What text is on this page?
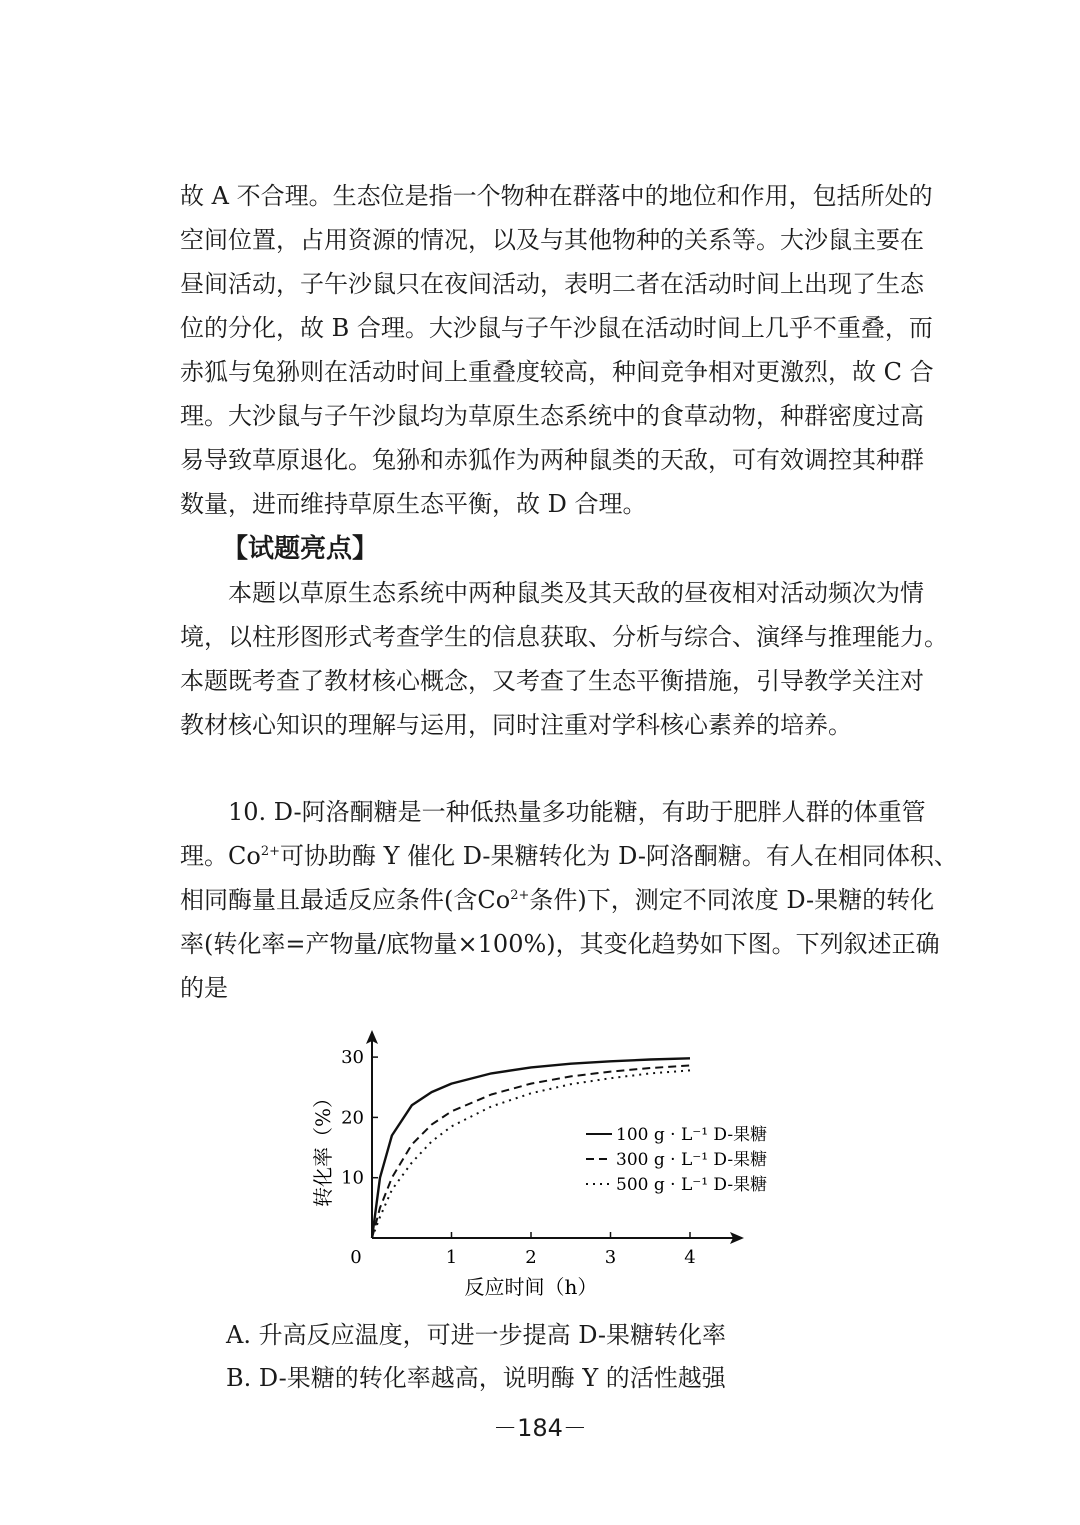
故 A 不合理。生态位是指一个物种在群落中的地位和作用，包括所处的
空间位置，占用资源的情况，以及与其他物种的关系等。大沙鼠主要在
昼间活动，子午沙鼠只在夜间活动，表明二者在活动时间上出现了生态
位的分化，故 B 合理。大沙鼠与子午沙鼠在活动时间上几乎不重叠，而
赤狐与兔狲则在活动时间上重叠度较高，种间竞争相对更激烈，故 C 合
理。大沙鼠与子午沙鼠均为草原生态系统中的食草动物，种群密度过高
易导致草原退化。兔狲和赤狐作为两种鼠类的天敌，可有效调控其种群
数量，进而维持草原生态平衡，故 D 合理。
【试题亮点】
　　本题以草原生态系统中两种鼠类及其天敌的昼夜相对活动频次为情
境，以柱形图形式考查学生的信息获取、分析与综合、演绎与推理能力。
本题既考查了教材核心概念，又考查了生态平衡措施，引导教学关注对
教材核心知识的理解与运用，同时注重对学科核心素养的培养。
　　10. D-阿洛酮糖是一种低热量多功能糖，有助于肥胖人群的体重管
理。$Co^{2+}$可协助酶 Y 催化 D-果糖转化为 D-阿洛酮糖。有人在相同体积、
相同酶量且最适反应条件(含$Co^{2+}$条件)下，测定不同浓度 D-果糖的转化
率(转化率=产物量/底物量×100%)，其变化趋势如下图。下列叙述正确
的是
0	1	2	3	4
10
20
30
100 g · L⁻¹ D-果糖
300 g · L⁻¹ D-果糖
500 g · L⁻¹ D-果糖
反应时间（h）
转化率（%）
A. 升高反应温度，可进一步提高 D-果糖转化率
B. D-果糖的转化率越高，说明酶 Y 的活性越强
－184－
